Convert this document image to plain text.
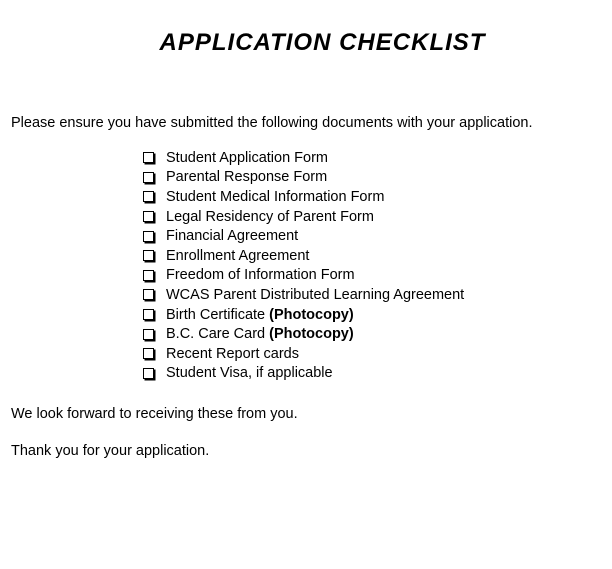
APPLICATION CHECKLIST

Please ensure you have submitted the following documents with your application.

Student Application Form
Parental Response Form
Student Medical Information Form
Legal Residency of Parent Form
Financial Agreement
Enrollment Agreement
Freedom of Information Form
WCAS Parent Distributed Learning Agreement
Birth Certificate (Photocopy)
B.C. Care Card (Photocopy)
Recent Report cards
Student Visa, if applicable

We look forward to receiving these from you.

Thank you for your application.
